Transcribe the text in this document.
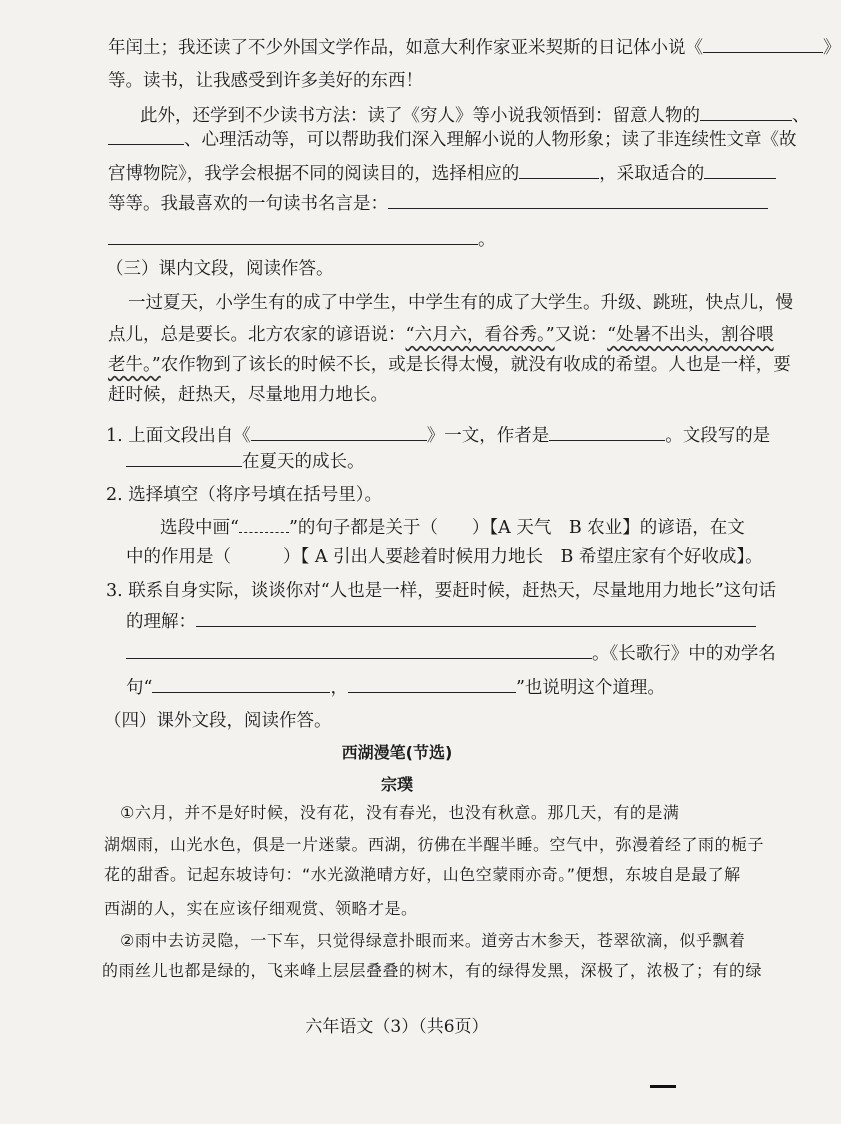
年闰土；我还读了不少外国文学作品，如意大利作家亚米契斯的日记体小说《	》
等。读书，让我感受到许多美好的东西！
此外，还学到不少读书方法：读了《穷人》等小说我领悟到：留意人物的	、
、心理活动等，可以帮助我们深入理解小说的人物形象；读了非连续性文章《故
宫博物院》，我学会根据不同的阅读目的，选择相应的	，采取适合的
等等。我最喜欢的一句读书名言是：
。
（三）课内文段，阅读作答。
一过夏天，小学生有的成了中学生，中学生有的成了大学生。升级、跳班，快点儿，慢
点儿，总是要长。北方农家的谚语说：“六月六，看谷秀。”又说：“处暑不出头，割谷喂
老牛。”农作物到了该长的时候不长，或是长得太慢，就没有收成的希望。人也是一样，要
赶时候，赶热天，尽量地用力地长。
1. 上面文段出自《	》一文，作者是	。文段写的是
在夏天的成长。
2. 选择填空（将序号填在括号里）。
选段中画“	”的句子都是关于（ ）【A 天气　B 农业】的谚语，在文
中的作用是（	）【 A 引出人要趁着时候用力地长　B 希望庄家有个好收成】。
3. 联系自身实际，谈谈你对“人也是一样，要赶时候，赶热天，尽量地用力地长”这句话
的理解：
。《长歌行》中的劝学名
句“	，	”也说明这个道理。
（四）课外文段，阅读作答。
西湖漫笔(节选)
宗璞
①六月，并不是好时候，没有花，没有春光，也没有秋意。那几天，有的是满
湖烟雨，山光水色，俱是一片迷蒙。西湖，彷佛在半醒半睡。空气中，弥漫着经了雨的栀子
花的甜香。记起东坡诗句：“水光潋滟晴方好，山色空蒙雨亦奇。”便想，东坡自是最了解
西湖的人，实在应该仔细观赏、领略才是。
②雨中去访灵隐，一下车，只觉得绿意扑眼而来。道旁古木参天，苍翠欲滴，似乎飘着
的雨丝儿也都是绿的，飞来峰上层层叠叠的树木，有的绿得发黑，深极了，浓极了；有的绿
六年语文（3）（共6页）
